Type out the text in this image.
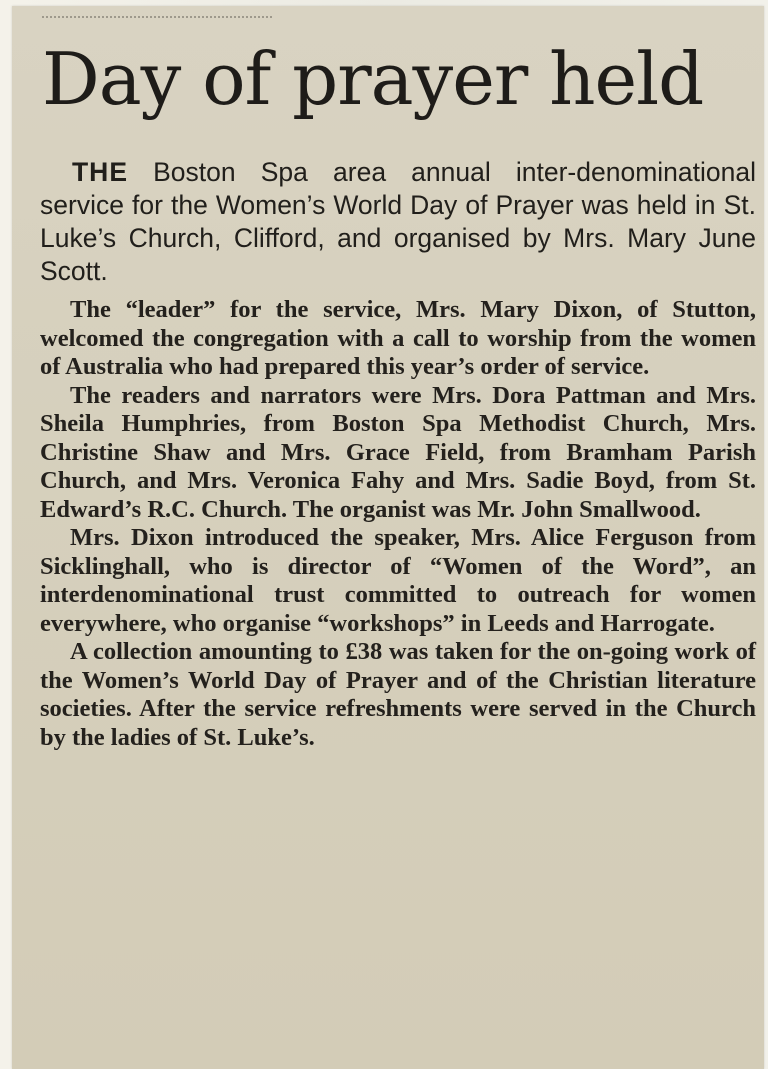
Day of prayer held

THE Boston Spa area annual inter-denominational service for the Women’s World Day of Prayer was held in St. Luke’s Church, Clifford, and organised by Mrs. Mary June Scott.

The “leader” for the service, Mrs. Mary Dixon, of Stutton, welcomed the congregation with a call to worship from the women of Australia who had prepared this year’s order of service.

The readers and narrators were Mrs. Dora Pattman and Mrs. Sheila Humphries, from Boston Spa Methodist Church, Mrs. Christine Shaw and Mrs. Grace Field, from Bramham Parish Church, and Mrs. Veronica Fahy and Mrs. Sadie Boyd, from St. Edward’s R.C. Church. The organist was Mr. John Smallwood.

Mrs. Dixon introduced the speaker, Mrs. Alice Ferguson from Sicklinghall, who is director of “Women of the Word”, an interdenominational trust committed to outreach for women everywhere, who organise “workshops” in Leeds and Harrogate.

A collection amounting to £38 was taken for the on-going work of the Women’s World Day of Prayer and of the Christian literature societies. After the service refreshments were served in the Church by the ladies of St. Luke’s.
